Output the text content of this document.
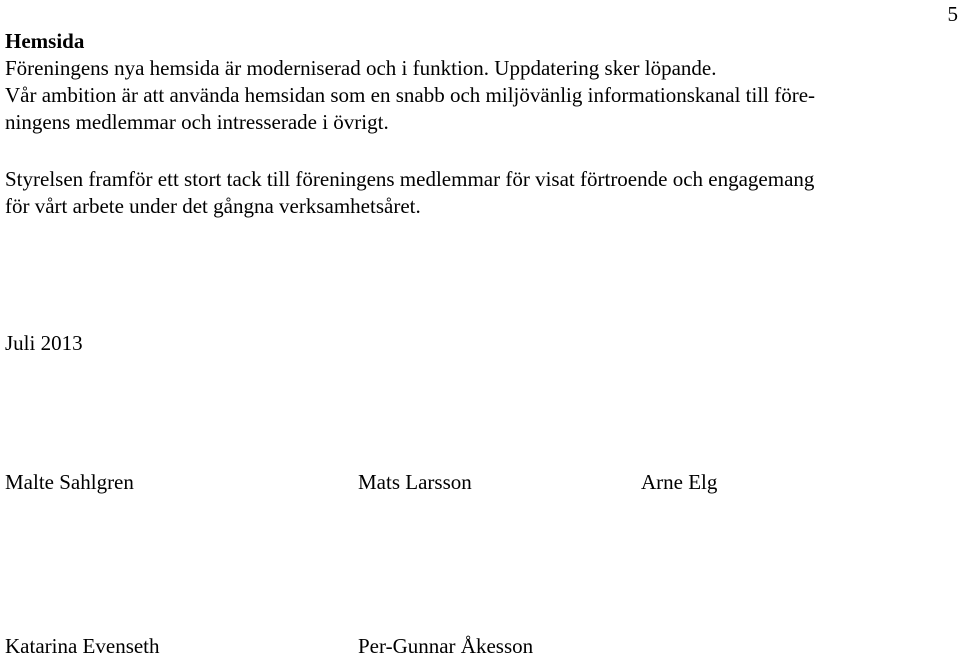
5
Hemsida
Föreningens nya hemsida är moderniserad och i funktion. Uppdatering sker löpande.
Vår ambition är att använda hemsidan som en snabb och miljövänlig informationskanal till före-
ningens medlemmar och intresserade i övrigt.
Styrelsen framför ett stort tack till föreningens medlemmar för visat förtroende och engagemang
för vårt arbete under det gångna verksamhetsåret.
Juli 2013
Malte Sahlgren	Mats Larsson	Arne Elg
Katarina Evenseth	Per-Gunnar Åkesson
